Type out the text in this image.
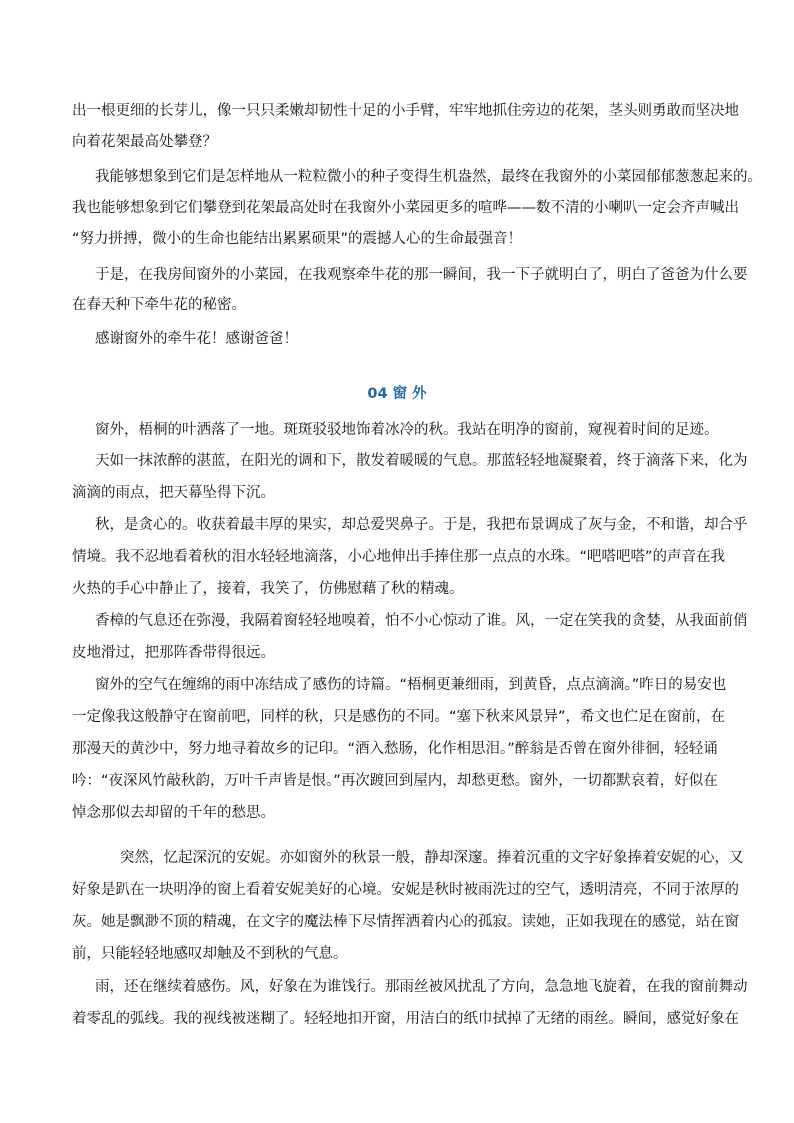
出一根更细的长芽儿，像一只只柔嫩却韧性十足的小手臂，牢牢地抓住旁边的花架，茎头则勇敢而坚决地

向着花架最高处攀登？

我能够想象到它们是怎样地从一粒粒微小的种子变得生机盎然，最终在我窗外的小菜园郁郁葱葱起来的。

我也能够想象到它们攀登到花架最高处时在我窗外小菜园更多的喧哗——数不清的小喇叭一定会齐声喊出

“努力拼搏，微小的生命也能结出累累硕果”的震撼人心的生命最强音！

于是，在我房间窗外的小菜园，在我观察牵牛花的那一瞬间，我一下子就明白了，明白了爸爸为什么要

在春天种下牵牛花的秘密。

感谢窗外的牵牛花！感谢爸爸！

04 窗 外

窗外，梧桐的叶洒落了一地。斑斑驳驳地饰着冰冷的秋。我站在明净的窗前，窥视着时间的足迹。

天如一抹浓醉的湛蓝，在阳光的调和下，散发着暖暖的气息。那蓝轻轻地凝聚着，终于滴落下来，化为

滴滴的雨点，把天幕坠得下沉。

秋，是贪心的。收获着最丰厚的果实，却总爱哭鼻子。于是，我把布景调成了灰与金，不和谐，却合乎

情境。我不忍地看着秋的泪水轻轻地滴落，小心地伸出手捧住那一点点的水珠。“吧嗒吧嗒”的声音在我

火热的手心中静止了，接着，我笑了，仿佛慰藉了秋的精魂。

香樟的气息还在弥漫，我隔着窗轻轻地嗅着，怕不小心惊动了谁。风，一定在笑我的贪婪，从我面前俏

皮地滑过，把那阵香带得很远。

窗外的空气在缠绵的雨中冻结成了感伤的诗篇。“梧桐更兼细雨，到黄昏，点点滴滴。”昨日的易安也

一定像我这般静守在窗前吧，同样的秋，只是感伤的不同。“塞下秋来风景异”，希文也伫足在窗前，在

那漫天的黄沙中，努力地寻着故乡的记印。“酒入愁肠，化作相思泪。”醉翁是否曾在窗外徘徊，轻轻诵

吟：“夜深风竹敲秋韵，万叶千声皆是恨。”再次踱回到屋内，却愁更愁。窗外，一切都默哀着，好似在

悼念那似去却留的千年的愁思。

突然，忆起深沉的安妮。亦如窗外的秋景一般，静却深邃。捧着沉重的文字好象捧着安妮的心，又

好象是趴在一块明净的窗上看着安妮美好的心境。安妮是秋时被雨洗过的空气，透明清亮，不同于浓厚的

灰。她是飘渺不顶的精魂，在文字的魔法棒下尽情挥洒着内心的孤寂。读她，正如我现在的感觉，站在窗

前，只能轻轻地感叹却触及不到秋的气息。

雨，还在继续着感伤。风，好象在为谁饯行。那雨丝被风扰乱了方向，急急地飞旋着，在我的窗前舞动

着零乱的弧线。我的视线被迷糊了。轻轻地扣开窗，用洁白的纸巾拭掉了无绪的雨丝。瞬间，感觉好象在
